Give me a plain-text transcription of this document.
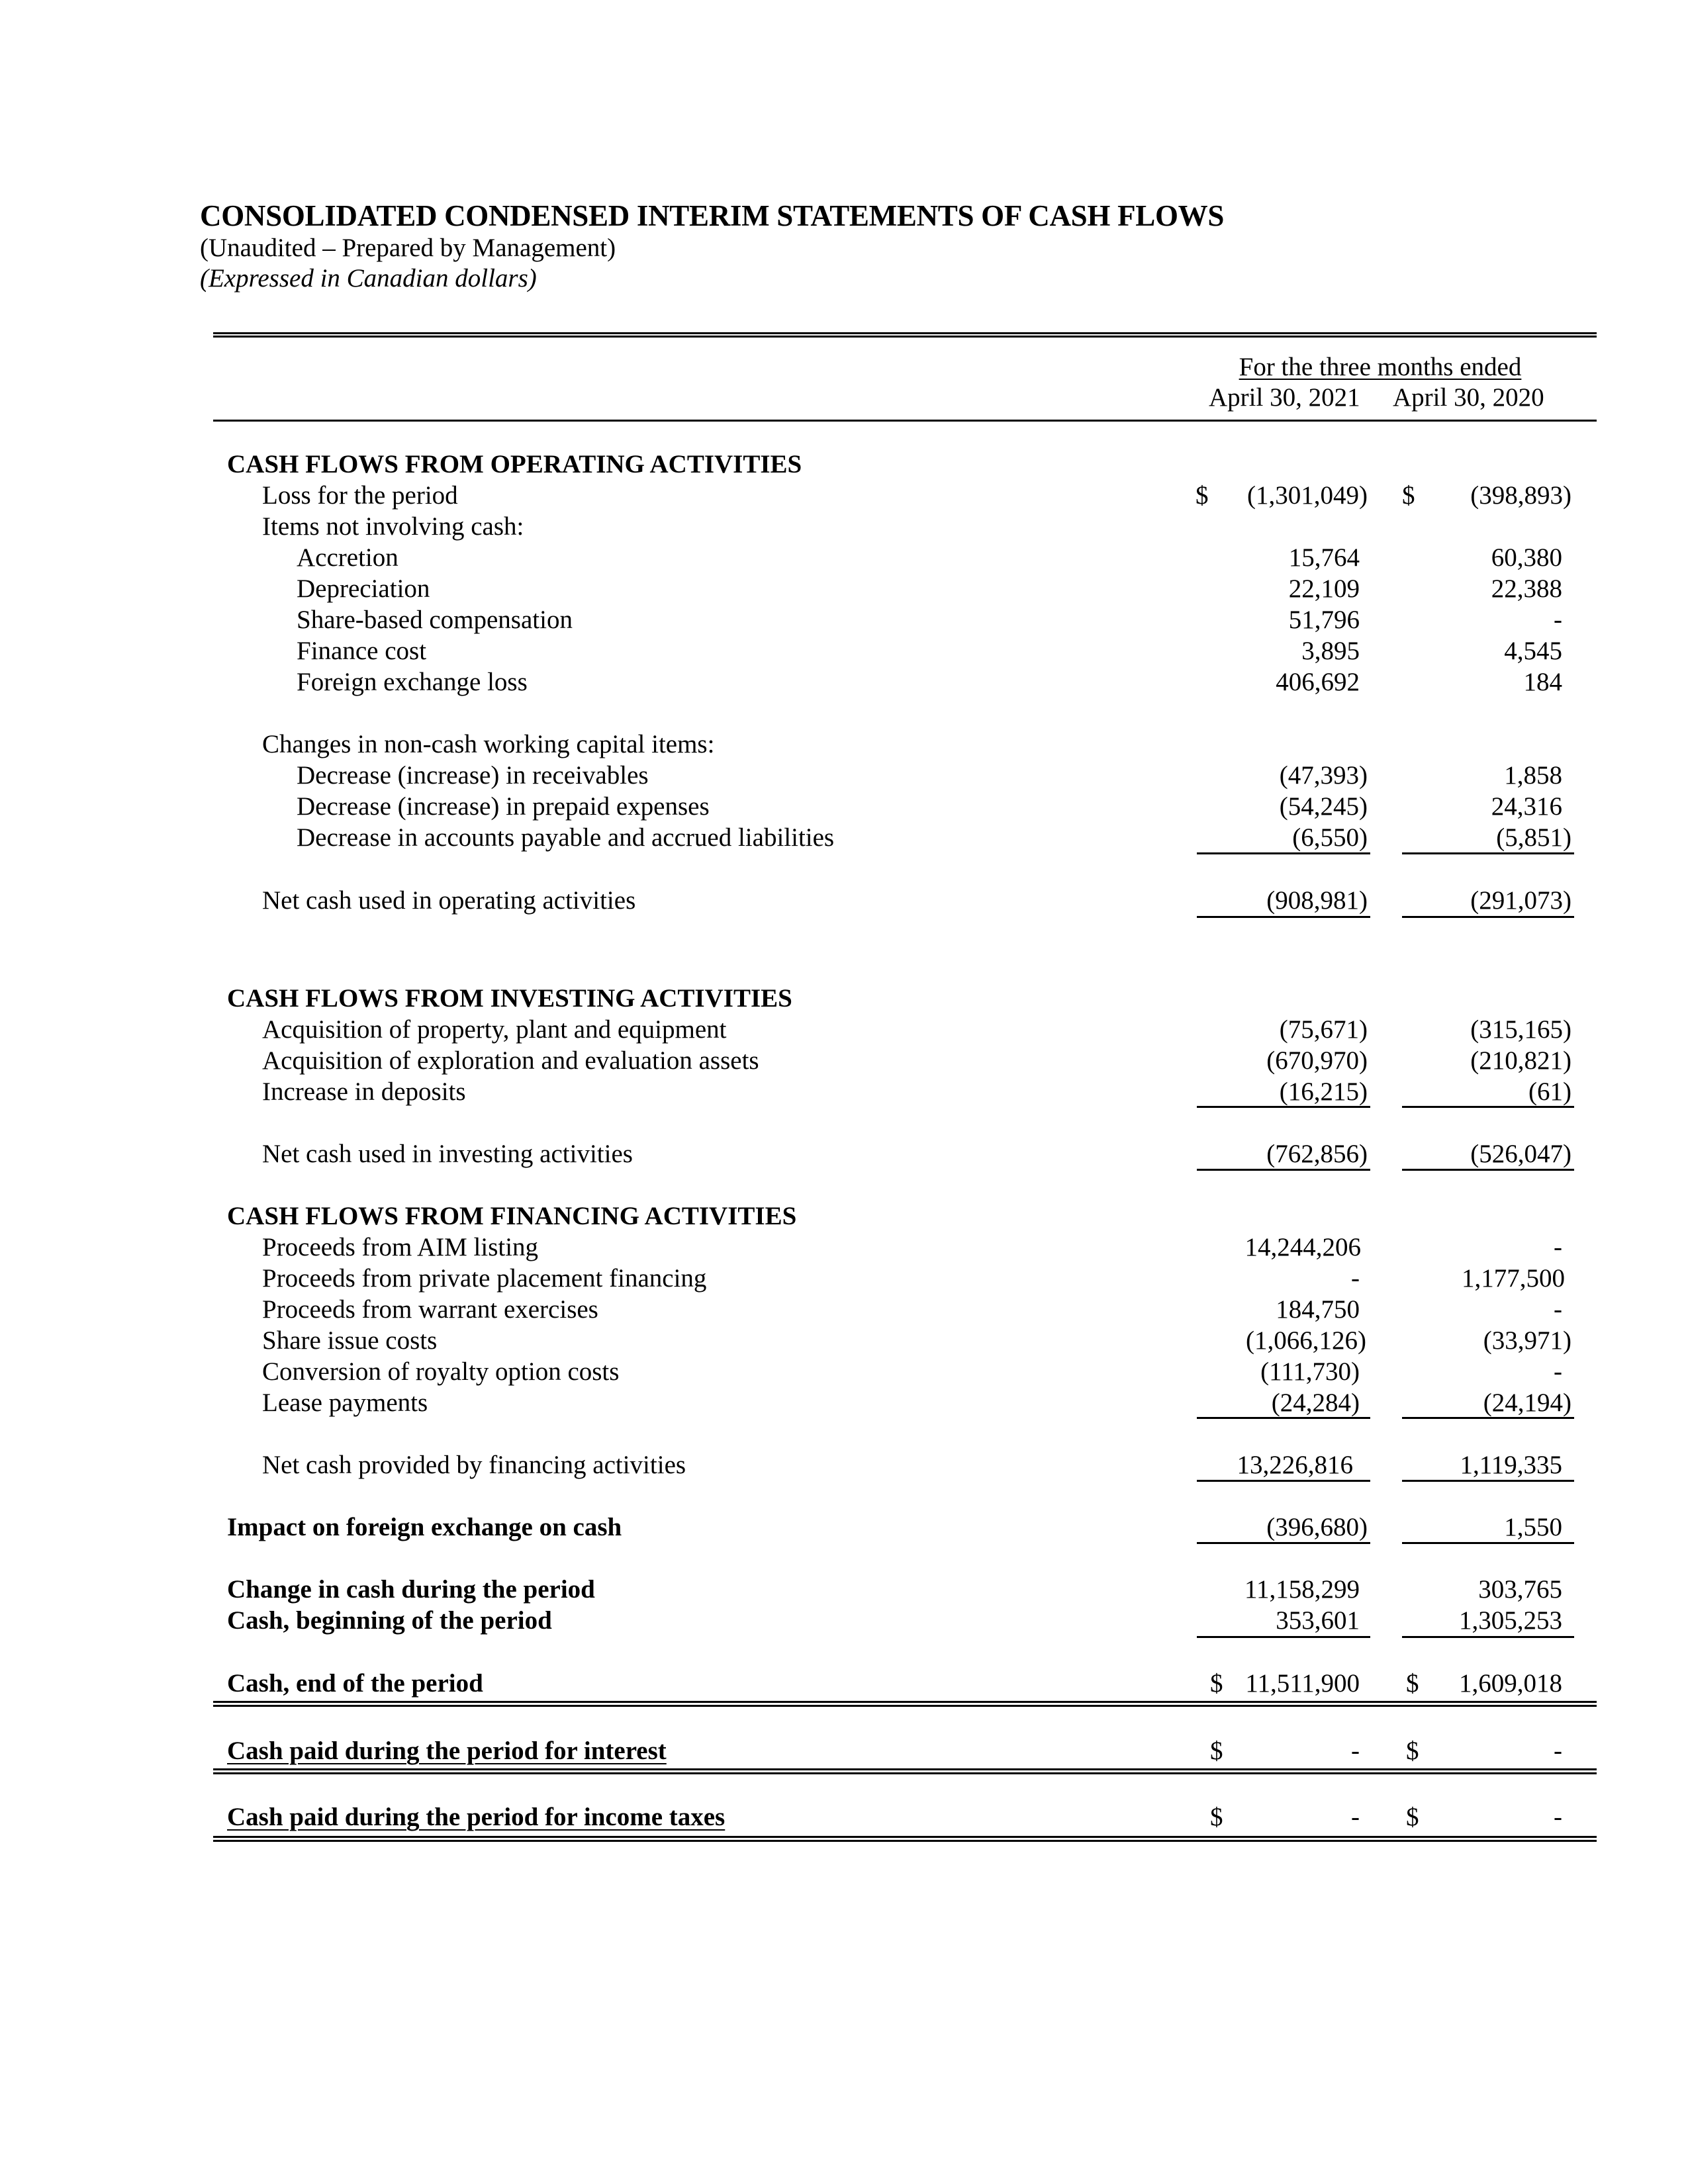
CONSOLIDATED CONDENSED INTERIM STATEMENTS OF CASH FLOWS
(Unaudited – Prepared by Management)
(Expressed in Canadian dollars)
For the three months ended
April 30, 2021 April 30, 2020
CASH FLOWS FROM OPERATING ACTIVITIES
Loss for the period	$ (1,301,049) $ (398,893)
Items not involving cash:
Accretion	15,764	60,380
Depreciation	22,109	22,388
Share-based compensation	51,796	-
Finance cost	3,895	4,545
Foreign exchange loss	406,692	184
Changes in non-cash working capital items:
Decrease (increase) in receivables	(47,393)	1,858
Decrease (increase) in prepaid expenses	(54,245)	24,316
Decrease in accounts payable and accrued liabilities	(6,550)	(5,851)
Net cash used in operating activities	(908,981)	(291,073)
CASH FLOWS FROM INVESTING ACTIVITIES
Acquisition of property, plant and equipment	(75,671)	(315,165)
Acquisition of exploration and evaluation assets	(670,970)	(210,821)
Increase in deposits	(16,215)	(61)
Net cash used in investing activities	(762,856)	(526,047)
CASH FLOWS FROM FINANCING ACTIVITIES
Proceeds from AIM listing	14,244,206	-
Proceeds from private placement financing	-	1,177,500
Proceeds from warrant exercises	184,750	-
Share issue costs	(1,066,126)	(33,971)
Conversion of royalty option costs	(111,730)	-
Lease payments	(24,284)	(24,194)
Net cash provided by financing activities	13,226,816	1,119,335
Impact on foreign exchange on cash	(396,680)	1,550
Change in cash during the period	11,158,299	303,765
Cash, beginning of the period	353,601	1,305,253
Cash, end of the period	$ 11,511,900 $ 1,609,018
Cash paid during the period for interest	$	- $	-
Cash paid during the period for income taxes	$	- $	-
